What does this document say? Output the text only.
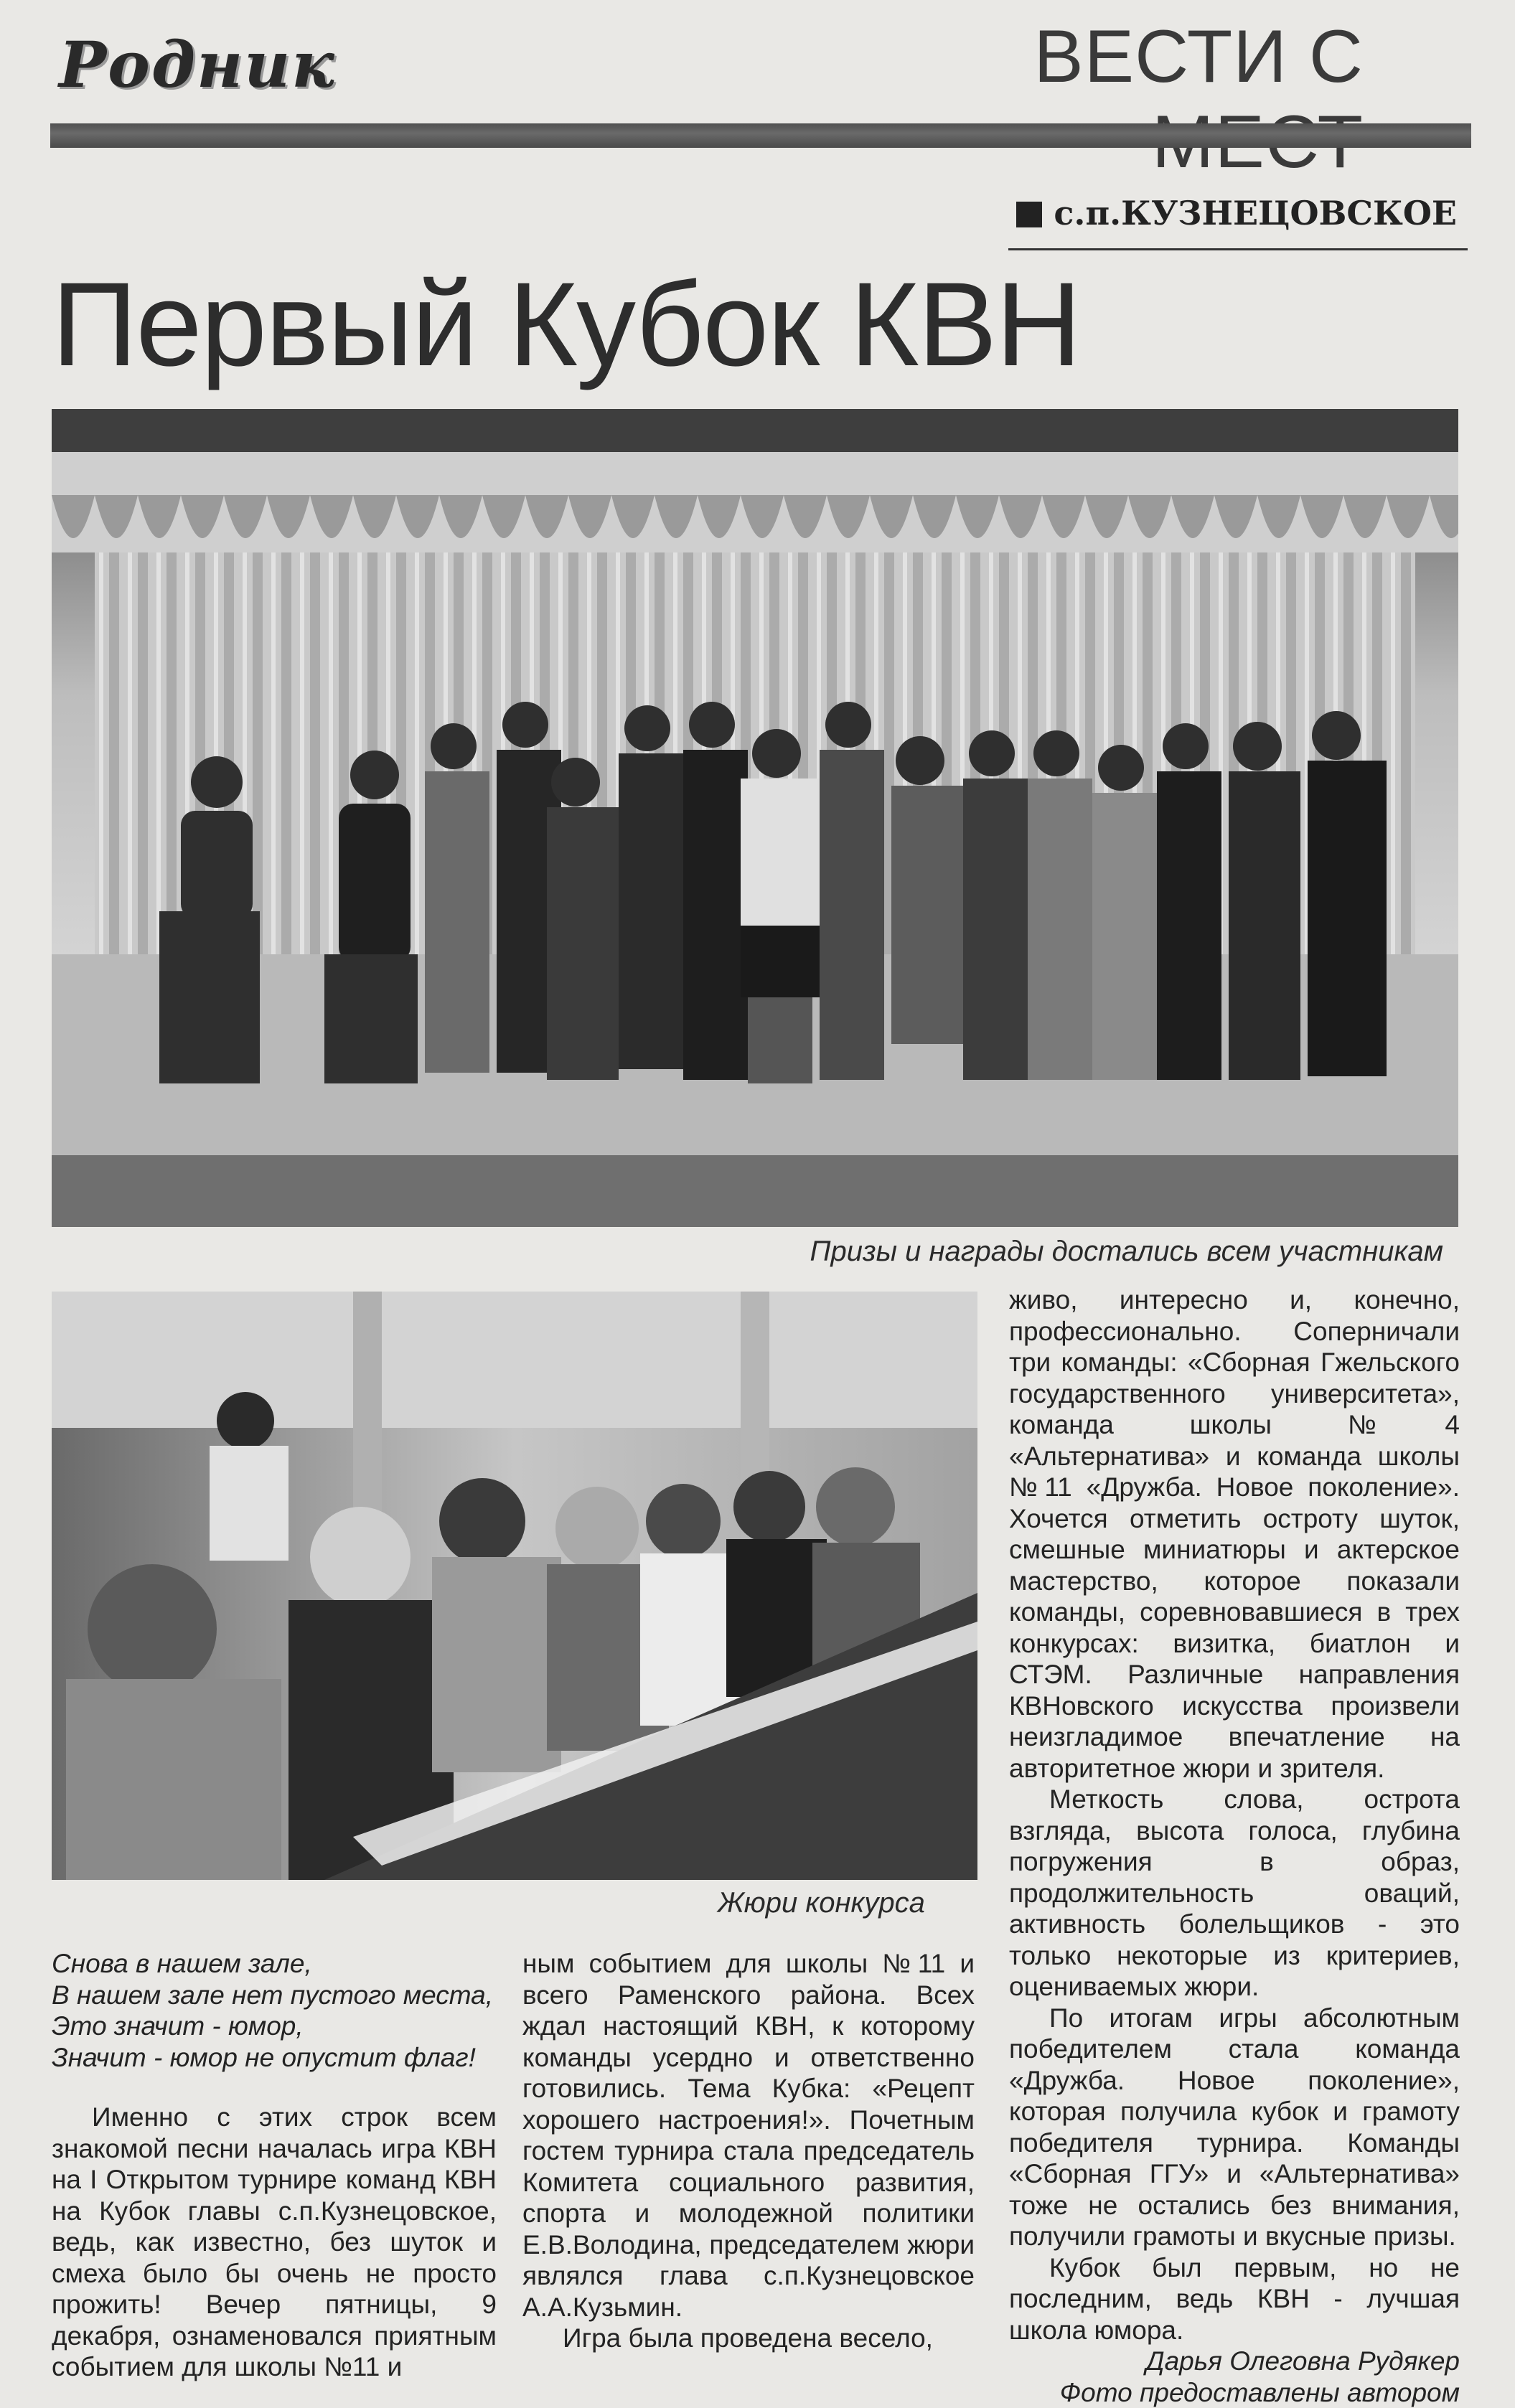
Родник	ВЕСТИ С
с.п.КУЗНЕЦОВСКОЕ
Первый Кубок КВН
Призы и награды достались всем участникам
Жюри конкурса

живо, интересно и, конечно, профессионально. Соперничали три команды: «Сборная Гжельского государственного университета», команда школы №4 «Альтернатива» и команда школы №11 «Дружба. Новое поколение». Хочется отметить остроту шуток, смешные миниатюры и актерское мастерство, которое показали команды, соревновавшиеся в трех конкурсах: визитка, биатлон и СТЭМ. Различные направления КВНовского искусства произвели неизгладимое впечатление на авторитетное жюри и зрителя.

Меткость слова, острота взгляда, высота голоса, глубина погружения в образ, продолжительность оваций, активность болельщиков - это только некоторые из критериев, оцениваемых жюри.

По итогам игры абсолютным победителем стала команда «Дружба. Новое поколение», которая получила кубок и грамоту победителя турнира. Команды «Сборная ГГУ» и «Альтернатива» тоже не остались без внимания, получили грамоты и вкусные призы.

Кубок был первым, но не последним, ведь КВН - лучшая школа юмора.

Дарья Олеговна Рудякер

Фото предоставлены автором

Снова в нашем зале,
В нашем зале нет пустого места,
Это значит - юмор,
Значит - юмор не опустит флаг!

Именно с этих строк всем знакомой песни началась игра КВН на I Открытом турнире команд КВН на Кубок главы с.п.Кузнецовское, ведь, как известно, без шуток и смеха было бы очень не просто прожить! Вечер пятницы, 9 декабря, ознаменовался приятным событием для школы №11 и

ным событием для школы №11 и всего Раменского района. Всех ждал настоящий КВН, к которому команды усердно и ответственно готовились. Тема Кубка: «Рецепт хорошего настроения!». Почетным гостем турнира стала председатель Комитета социального развития, спорта и молодежной политики Е.В.Володина, председателем жюри являлся глава с.п.Кузнецовское А.А.Кузьмин.

Игра была проведена весело,
